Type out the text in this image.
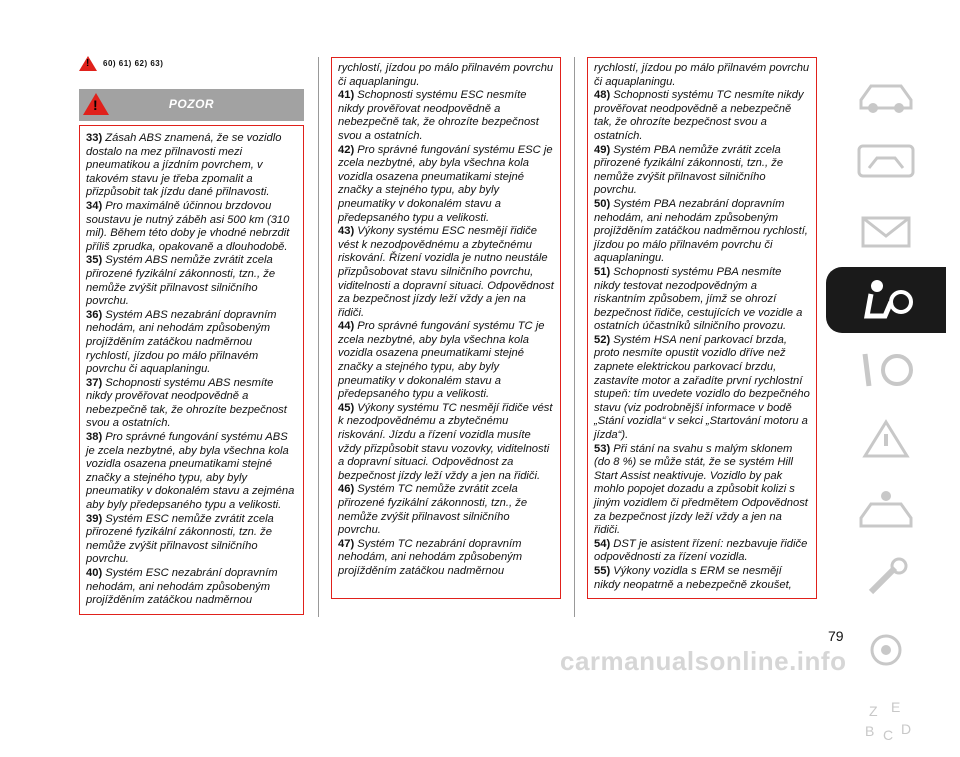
!
60) 61) 62) 63)
!
POZOR

33) Zásah ABS znamená, že se vozidlo dostalo na mez přilnavosti mezi pneumatikou a jízdním povrchem, v takovém stavu je třeba zpomalit a přizpůsobit tak jízdu dané přilnavosti.

34) Pro maximálně účinnou brzdovou soustavu je nutný záběh asi 500 km (310 mil). Během této doby je vhodné nebrzdit příliš zprudka, opakovaně a dlouhodobě.

35) Systém ABS nemůže zvrátit zcela přirozené fyzikální zákonnosti, tzn., že nemůže zvýšit přilnavost silničního povrchu.

36) Systém ABS nezabrání dopravním nehodám, ani nehodám způsobeným projížděním zatáčkou nadměrnou rychlostí, jízdou po málo přilnavém povrchu či aquaplaningu.

37) Schopnosti systému ABS nesmíte nikdy prověřovat neodpovědně a nebezpečně tak, že ohrozíte bezpečnost svou a ostatních.

38) Pro správné fungování systému ABS je zcela nezbytné, aby byla všechna kola vozidla osazena pneumatikami stejné značky a stejného typu, aby byly pneumatiky v dokonalém stavu a zejména aby byly předepsaného typu a velikosti.

39) Systém ESC nemůže zvrátit zcela přirozené fyzikální zákonnosti, tzn. že nemůže zvýšit přilnavost silničního povrchu.

40) Systém ESC nezabrání dopravním nehodám, ani nehodám způsobeným projížděním zatáčkou nadměrnou

rychlostí, jízdou po málo přilnavém povrchu či aquaplaningu.

41) Schopnosti systému ESC nesmíte nikdy prověřovat neodpovědně a nebezpečně tak, že ohrozíte bezpečnost svou a ostatních.

42) Pro správné fungování systému ESC je zcela nezbytné, aby byla všechna kola vozidla osazena pneumatikami stejné značky a stejného typu, aby byly pneumatiky v dokonalém stavu a předepsaného typu a velikosti.

43) Výkony systému ESC nesmějí řidiče vést k nezodpovědnému a zbytečnému riskování. Řízení vozidla je nutno neustále přizpůsobovat stavu silničního povrchu, viditelnosti a dopravní situaci. Odpovědnost za bezpečnost jízdy leží vždy a jen na řidiči.

44) Pro správné fungování systému TC je zcela nezbytné, aby byla všechna kola vozidla osazena pneumatikami stejné značky a stejného typu, aby byly pneumatiky v dokonalém stavu a předepsaného typu a velikosti.

45) Výkony systému TC nesmějí řidiče vést k nezodpovědnému a zbytečnému riskování. Jízdu a řízení vozidla musíte vždy přizpůsobit stavu vozovky, viditelnosti a dopravní situaci. Odpovědnost za bezpečnost jízdy leží vždy a jen na řidiči.

46) Systém TC nemůže zvrátit zcela přirozené fyzikální zákonnosti, tzn., že nemůže zvýšit přilnavost silničního povrchu.

47) Systém TC nezabrání dopravním nehodám, ani nehodám způsobeným projížděním zatáčkou nadměrnou

rychlostí, jízdou po málo přilnavém povrchu či aquaplaningu.

48) Schopnosti systému TC nesmíte nikdy prověřovat neodpovědně a nebezpečně tak, že ohrozíte bezpečnost svou a ostatních.

49) Systém PBA nemůže zvrátit zcela přirozené fyzikální zákonnosti, tzn., že nemůže zvýšit přilnavost silničního povrchu.

50) Systém PBA nezabrání dopravním nehodám, ani nehodám způsobeným projížděním zatáčkou nadměrnou rychlostí, jízdou po málo přilnavém povrchu či aquaplaningu.

51) Schopnosti systému PBA nesmíte nikdy testovat nezodpovědným a riskantním způsobem, jímž se ohrozí bezpečnost řidiče, cestujících ve vozidle a ostatních účastníků silničního provozu.

52) Systém HSA není parkovací brzda, proto nesmíte opustit vozidlo dříve než zapnete elektrickou parkovací brzdu, zastavíte motor a zařadíte první rychlostní stupeň: tím uvedete vozidlo do bezpečného stavu (viz podrobnější informace v bodě „Stání vozidla“ v sekci „Startování motoru a jízda“).

53) Při stání na svahu s malým sklonem (do 8 %) se může stát, že se systém Hill Start Assist neaktivuje. Vozidlo by pak mohlo popojet dozadu a způsobit kolizi s jiným vozidlem či předmětem Odpovědnost za bezpečnost jízdy leží vždy a jen na řidiči.

54) DST je asistent řízení: nezbavuje řidiče odpovědnosti za řízení vozidla.

55) Výkony vozidla s ERM se nesmějí nikdy neopatrně a nebezpečně zkoušet,

Z E
B C D
79
carmanualsonline.info
